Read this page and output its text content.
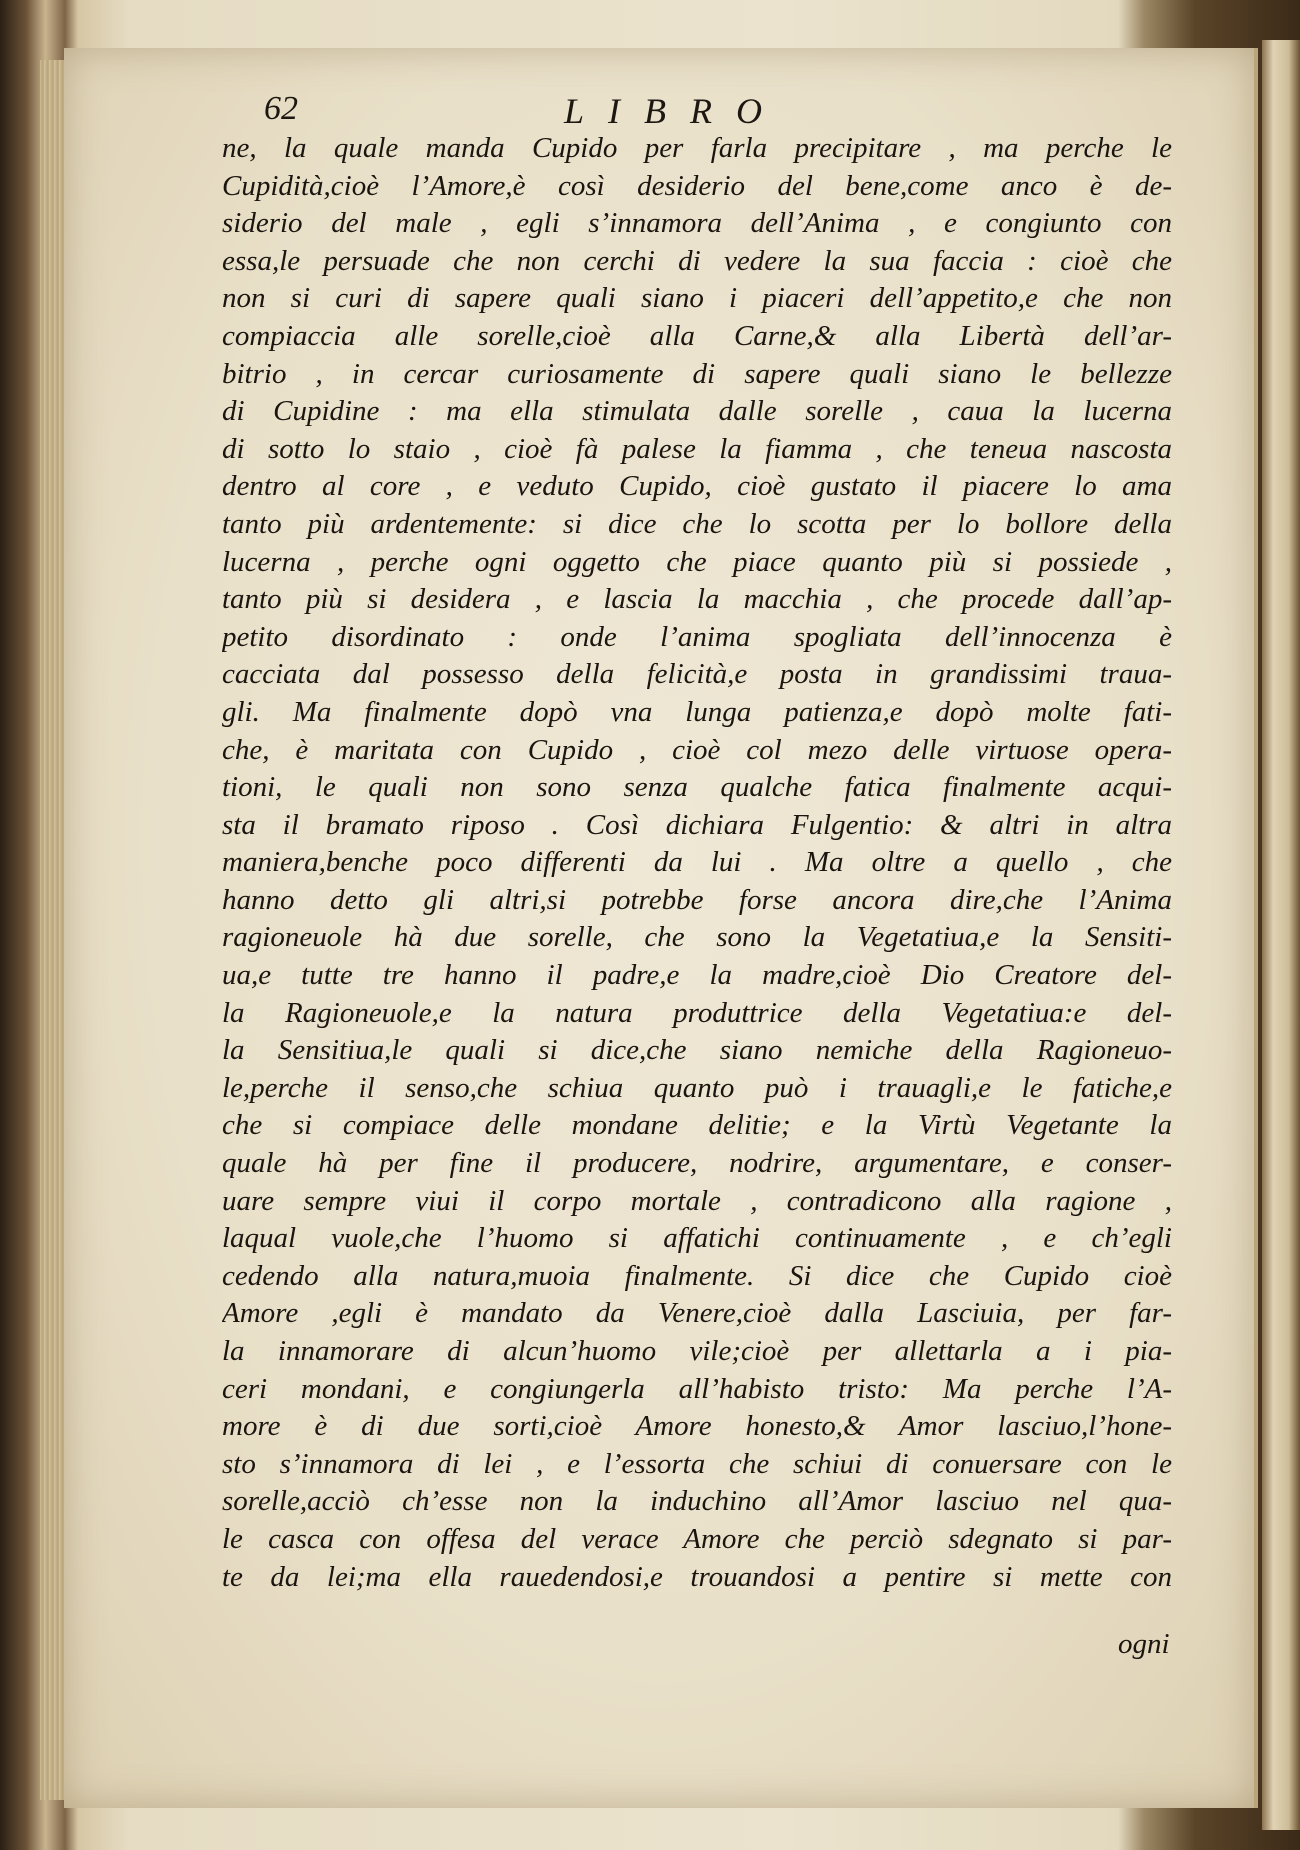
62	LIBRO
ne, la quale manda Cupido per farla precipitare , ma perche le
Cupidità,cioè l’Amore,è così desiderio del bene,come anco è de-
siderio del male , egli s’innamora dell’Anima , e congiunto con
essa,le persuade che non cerchi di vedere la sua faccia : cioè che
non si curi di sapere quali siano i piaceri dell’appetito,e che non
compiaccia alle sorelle,cioè alla Carne,& alla Libertà dell’ar-
bitrio , in cercar curiosamente di sapere quali siano le bellezze
di Cupidine : ma ella stimulata dalle sorelle , caua la lucerna
di sotto lo staio , cioè fà palese la fiamma , che teneua nascosta
dentro al core , e veduto Cupido, cioè gustato il piacere lo ama
tanto più ardentemente: si dice che lo scotta per lo bollore della
lucerna , perche ogni oggetto che piace quanto più si possiede ,
tanto più si desidera , e lascia la macchia , che procede dall’ap-
petito disordinato : onde l’anima spogliata dell’innocenza è
cacciata dal possesso della felicità,e posta in grandissimi traua-
gli. Ma finalmente dopò vna lunga patienza,e dopò molte fati-
che, è maritata con Cupido , cioè col mezo delle virtuose opera-
tioni, le quali non sono senza qualche fatica finalmente acqui-
sta il bramato riposo . Così dichiara Fulgentio: & altri in altra
maniera,benche poco differenti da lui . Ma oltre a quello , che
hanno detto gli altri,si potrebbe forse ancora dire,che l’Anima
ragioneuole hà due sorelle, che sono la Vegetatiua,e la Sensiti-
ua,e tutte tre hanno il padre,e la madre,cioè Dio Creatore del-
la Ragioneuole,e la natura produttrice della Vegetatiua:e del-
la Sensitiua,le quali si dice,che siano nemiche della Ragioneuo-
le,perche il senso,che schiua quanto può i trauagli,e le fatiche,e
che si compiace delle mondane delitie; e la Virtù Vegetante la
quale hà per fine il producere, nodrire, argumentare, e conser-
uare sempre viui il corpo mortale , contradicono alla ragione ,
laqual vuole,che l’huomo si affatichi continuamente , e ch’egli
cedendo alla natura,muoia finalmente. Si dice che Cupido cioè
Amore ,egli è mandato da Venere,cioè dalla Lasciuia, per far-
la innamorare di alcun’huomo vile;cioè per allettarla a i pia-
ceri mondani, e congiungerla all’habisto tristo: Ma perche l’A-
more è di due sorti,cioè Amore honesto,& Amor lasciuo,l’hone-
sto s’innamora di lei , e l’essorta che schiui di conuersare con le
sorelle,acciò ch’esse non la induchino all’Amor lasciuo nel qua-
le casca con offesa del verace Amore che perciò sdegnato si par-
te da lei;ma ella rauedendosi,e trouandosi a pentire si mette con
ogni
